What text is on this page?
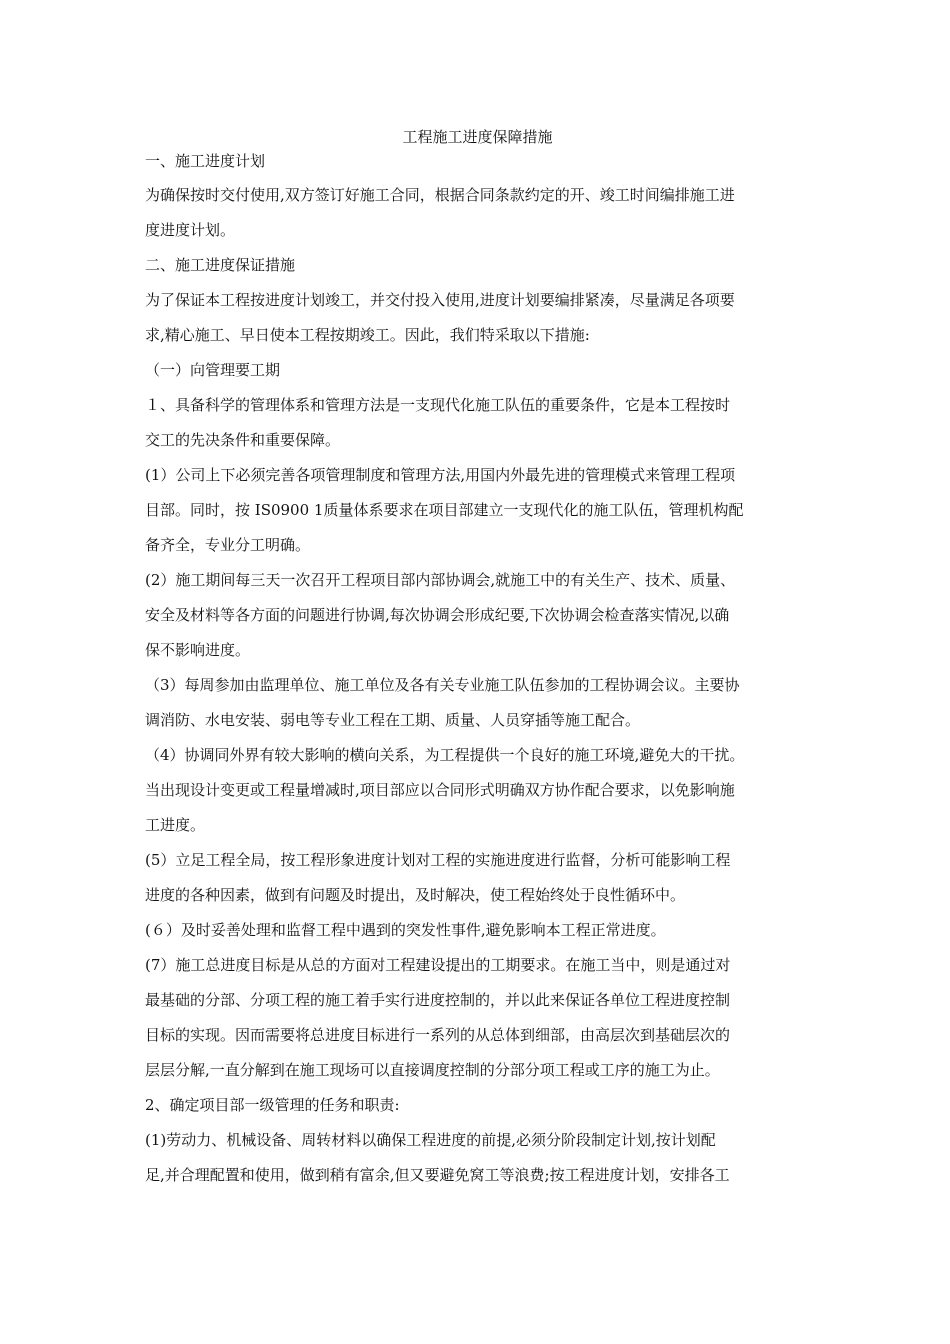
工程施工进度保障措施
一、施工进度计划
为确保按时交付使用,双方签订好施工合同，根据合同条款约定的开、竣工时间编排施工进
度进度计划。
二、施工进度保证措施
为了保证本工程按进度计划竣工，并交付投入使用,进度计划要编排紧凑，尽量满足各项要
求,精心施工、早日使本工程按期竣工。因此，我们特采取以下措施:
（一）向管理要工期
１、具备科学的管理体系和管理方法是一支现代化施工队伍的重要条件，它是本工程按时
交工的先决条件和重要保障。
(1）公司上下必须完善各项管理制度和管理方法,用国内外最先进的管理模式来管理工程项
目部。同时，按 IS0900 1质量体系要求在项目部建立一支现代化的施工队伍，管理机构配
备齐全，专业分工明确。
(2）施工期间每三天一次召开工程项目部内部协调会,就施工中的有关生产、技术、质量、
安全及材料等各方面的问题进行协调,每次协调会形成纪要,下次协调会检查落实情况,以确
保不影响进度。
（3）每周参加由监理单位、施工单位及各有关专业施工队伍参加的工程协调会议。主要协
调消防、水电安装、弱电等专业工程在工期、质量、人员穿插等施工配合。
（4）协调同外界有较大影响的横向关系，为工程提供一个良好的施工环境,避免大的干扰。
当出现设计变更或工程量增减时,项目部应以合同形式明确双方协作配合要求，以免影响施
工进度。
(5）立足工程全局，按工程形象进度计划对工程的实施进度进行监督，分析可能影响工程
进度的各种因素，做到有问题及时提出，及时解决，使工程始终处于良性循环中。
(６）及时妥善处理和监督工程中遇到的突发性事件,避免影响本工程正常进度。
(7）施工总进度目标是从总的方面对工程建设提出的工期要求。在施工当中，则是通过对
最基础的分部、分项工程的施工着手实行进度控制的，并以此来保证各单位工程进度控制
目标的实现。因而需要将总进度目标进行一系列的从总体到细部，由高层次到基础层次的
层层分解,一直分解到在施工现场可以直接调度控制的分部分项工程或工序的施工为止。
2、确定项目部一级管理的任务和职责:
(1)劳动力、机械设备、周转材料以确保工程进度的前提,必须分阶段制定计划,按计划配
足,并合理配置和使用，做到稍有富余,但又要避免窝工等浪费;按工程进度计划，安排各工
